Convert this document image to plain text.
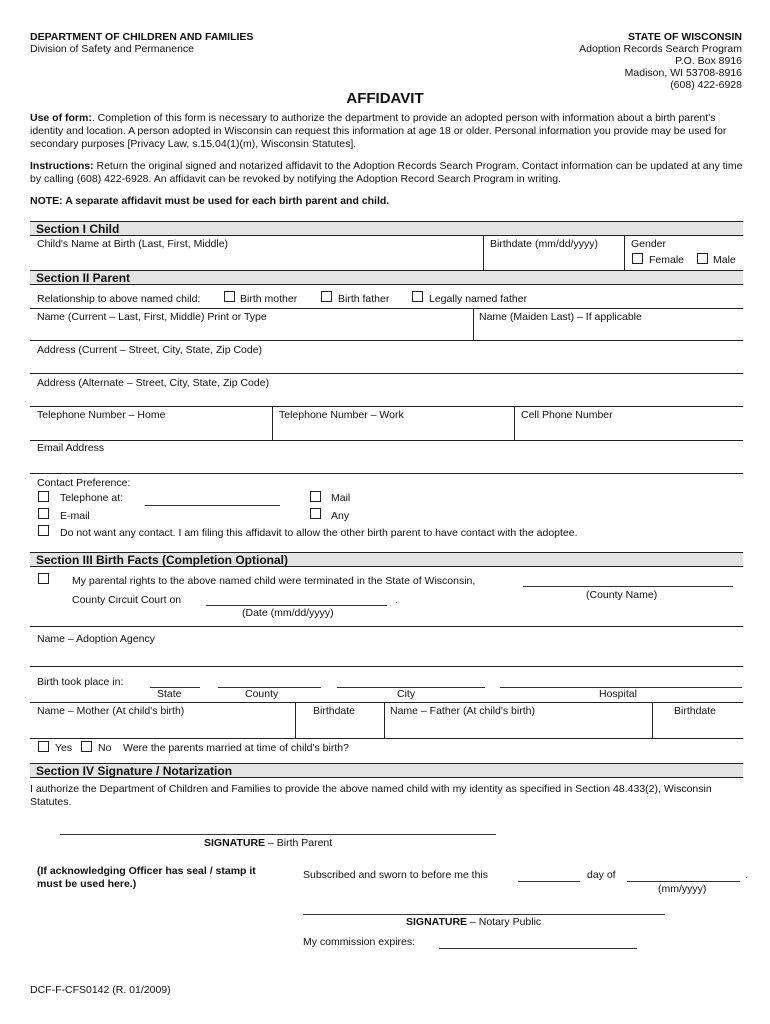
DEPARTMENT OF CHILDREN AND FAMILIES
Division of Safety and Permanence
STATE OF WISCONSIN
Adoption Records Search Program
P.O. Box 8916
Madison, WI 53708-8916
(608) 422-6928
AFFIDAVIT
Use of form:. Completion of this form is necessary to authorize the department to provide an adopted person with information about a birth parent's identity and location. A person adopted in Wisconsin can request this information at age 18 or older. Personal information you provide may be used for secondary purposes [Privacy Law, s.15.04(1)(m), Wisconsin Statutes].
Instructions: Return the original signed and notarized affidavit to the Adoption Records Search Program. Contact information can be updated at any time by calling (608) 422-6928. An affidavit can be revoked by notifying the Adoption Record Search Program in writing.
NOTE: A separate affidavit must be used for each birth parent and child.
Section I Child
Child's Name at Birth (Last, First, Middle)	Birthdate (mm/dd/yyyy)	Gender
Female	Male
Section II Parent
Relationship to above named child:	Birth mother	Birth father	Legally named father
Name (Current – Last, First, Middle) Print or Type	Name (Maiden Last) – If applicable
Address (Current – Street, City, State, Zip Code)
Address (Alternate – Street, City, State, Zip Code)
Telephone Number – Home	Telephone Number – Work	Cell Phone Number
Email Address
Contact Preference:
Telephone at:	Mail
E-mail	Any
Do not want any contact. I am filing this affidavit to allow the other birth parent to have contact with the adoptee.
Section III Birth Facts (Completion Optional)
My parental rights to the above named child were terminated in the State of Wisconsin,
(County Name)
County Circuit Court on	.
(Date (mm/dd/yyyy)
Name – Adoption Agency
Birth took place in:
State	County	City	Hospital
Name – Mother (At child's birth)	Birthdate	Name – Father (At child's birth)	Birthdate
Yes No Were the parents married at time of child's birth?
Section IV Signature / Notarization
I authorize the Department of Children and Families to provide the above named child with my identity as specified in Section 48.433(2), Wisconsin Statutes.
SIGNATURE – Birth Parent
(If acknowledging Officer has seal / stamp it must be used here.)
Subscribed and sworn to before me this	day of	.
(mm/yyyy)
SIGNATURE – Notary Public
My commission expires:
DCF-F-CFS0142 (R. 01/2009)
